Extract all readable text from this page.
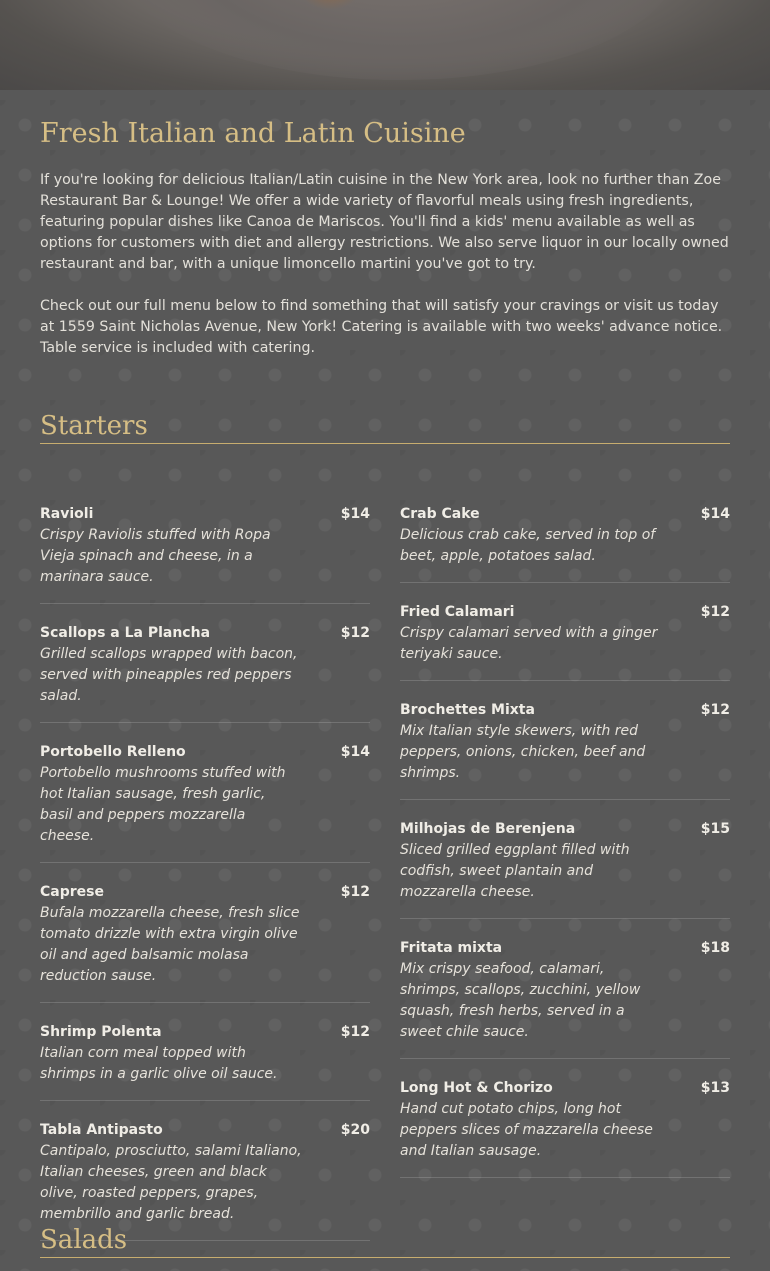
Fresh Italian and Latin Cuisine

If you're looking for delicious Italian/Latin cuisine in the New York area, look no further than Zoe Restaurant Bar & Lounge! We offer a wide variety of flavorful meals using fresh ingredients, featuring popular dishes like Canoa de Mariscos. You'll find a kids' menu available as well as options for customers with diet and allergy restrictions. We also serve liquor in our locally owned restaurant and bar, with a unique limoncello martini you've got to try.

Check out our full menu below to find something that will satisfy your cravings or visit us today at 1559 Saint Nicholas Avenue, New York! Catering is available with two weeks' advance notice. Table service is included with catering.

Starters
Ravioli	$14

Crispy Raviolis stuffed with Ropa Vieja spinach and cheese, in a marinara sauce.

Scallops a La Plancha	$12

Grilled scallops wrapped with bacon, served with pineapples red peppers salad.

Portobello Relleno	$14

Portobello mushrooms stuffed with hot Italian sausage, fresh garlic, basil and peppers mozzarella cheese.

Caprese	$12

Bufala mozzarella cheese, fresh slice tomato drizzle with extra virgin olive oil and aged balsamic molasa reduction sause.

Shrimp Polenta	$12

Italian corn meal topped with shrimps in a garlic olive oil sauce.

Tabla Antipasto	$20

Cantipalo, prosciutto, salami Italiano, Italian cheeses, green and black olive, roasted peppers, grapes, membrillo and garlic bread.

Crab Cake	$14

Delicious crab cake, served in top of beet, apple, potatoes salad.

Fried Calamari	$12

Crispy calamari served with a ginger teriyaki sauce.

Brochettes Mixta	$12

Mix Italian style skewers, with red peppers, onions, chicken, beef and shrimps.

Milhojas de Berenjena	$15

Sliced grilled eggplant filled with codfish, sweet plantain and mozzarella cheese.

Fritata mixta	$18

Mix crispy seafood, calamari, shrimps, scallops, zucchini, yellow squash, fresh herbs, served in a sweet chile sauce.

Long Hot & Chorizo	$13

Hand cut potato chips, long hot peppers slices of mazzarella cheese and Italian sausage.

Salads
